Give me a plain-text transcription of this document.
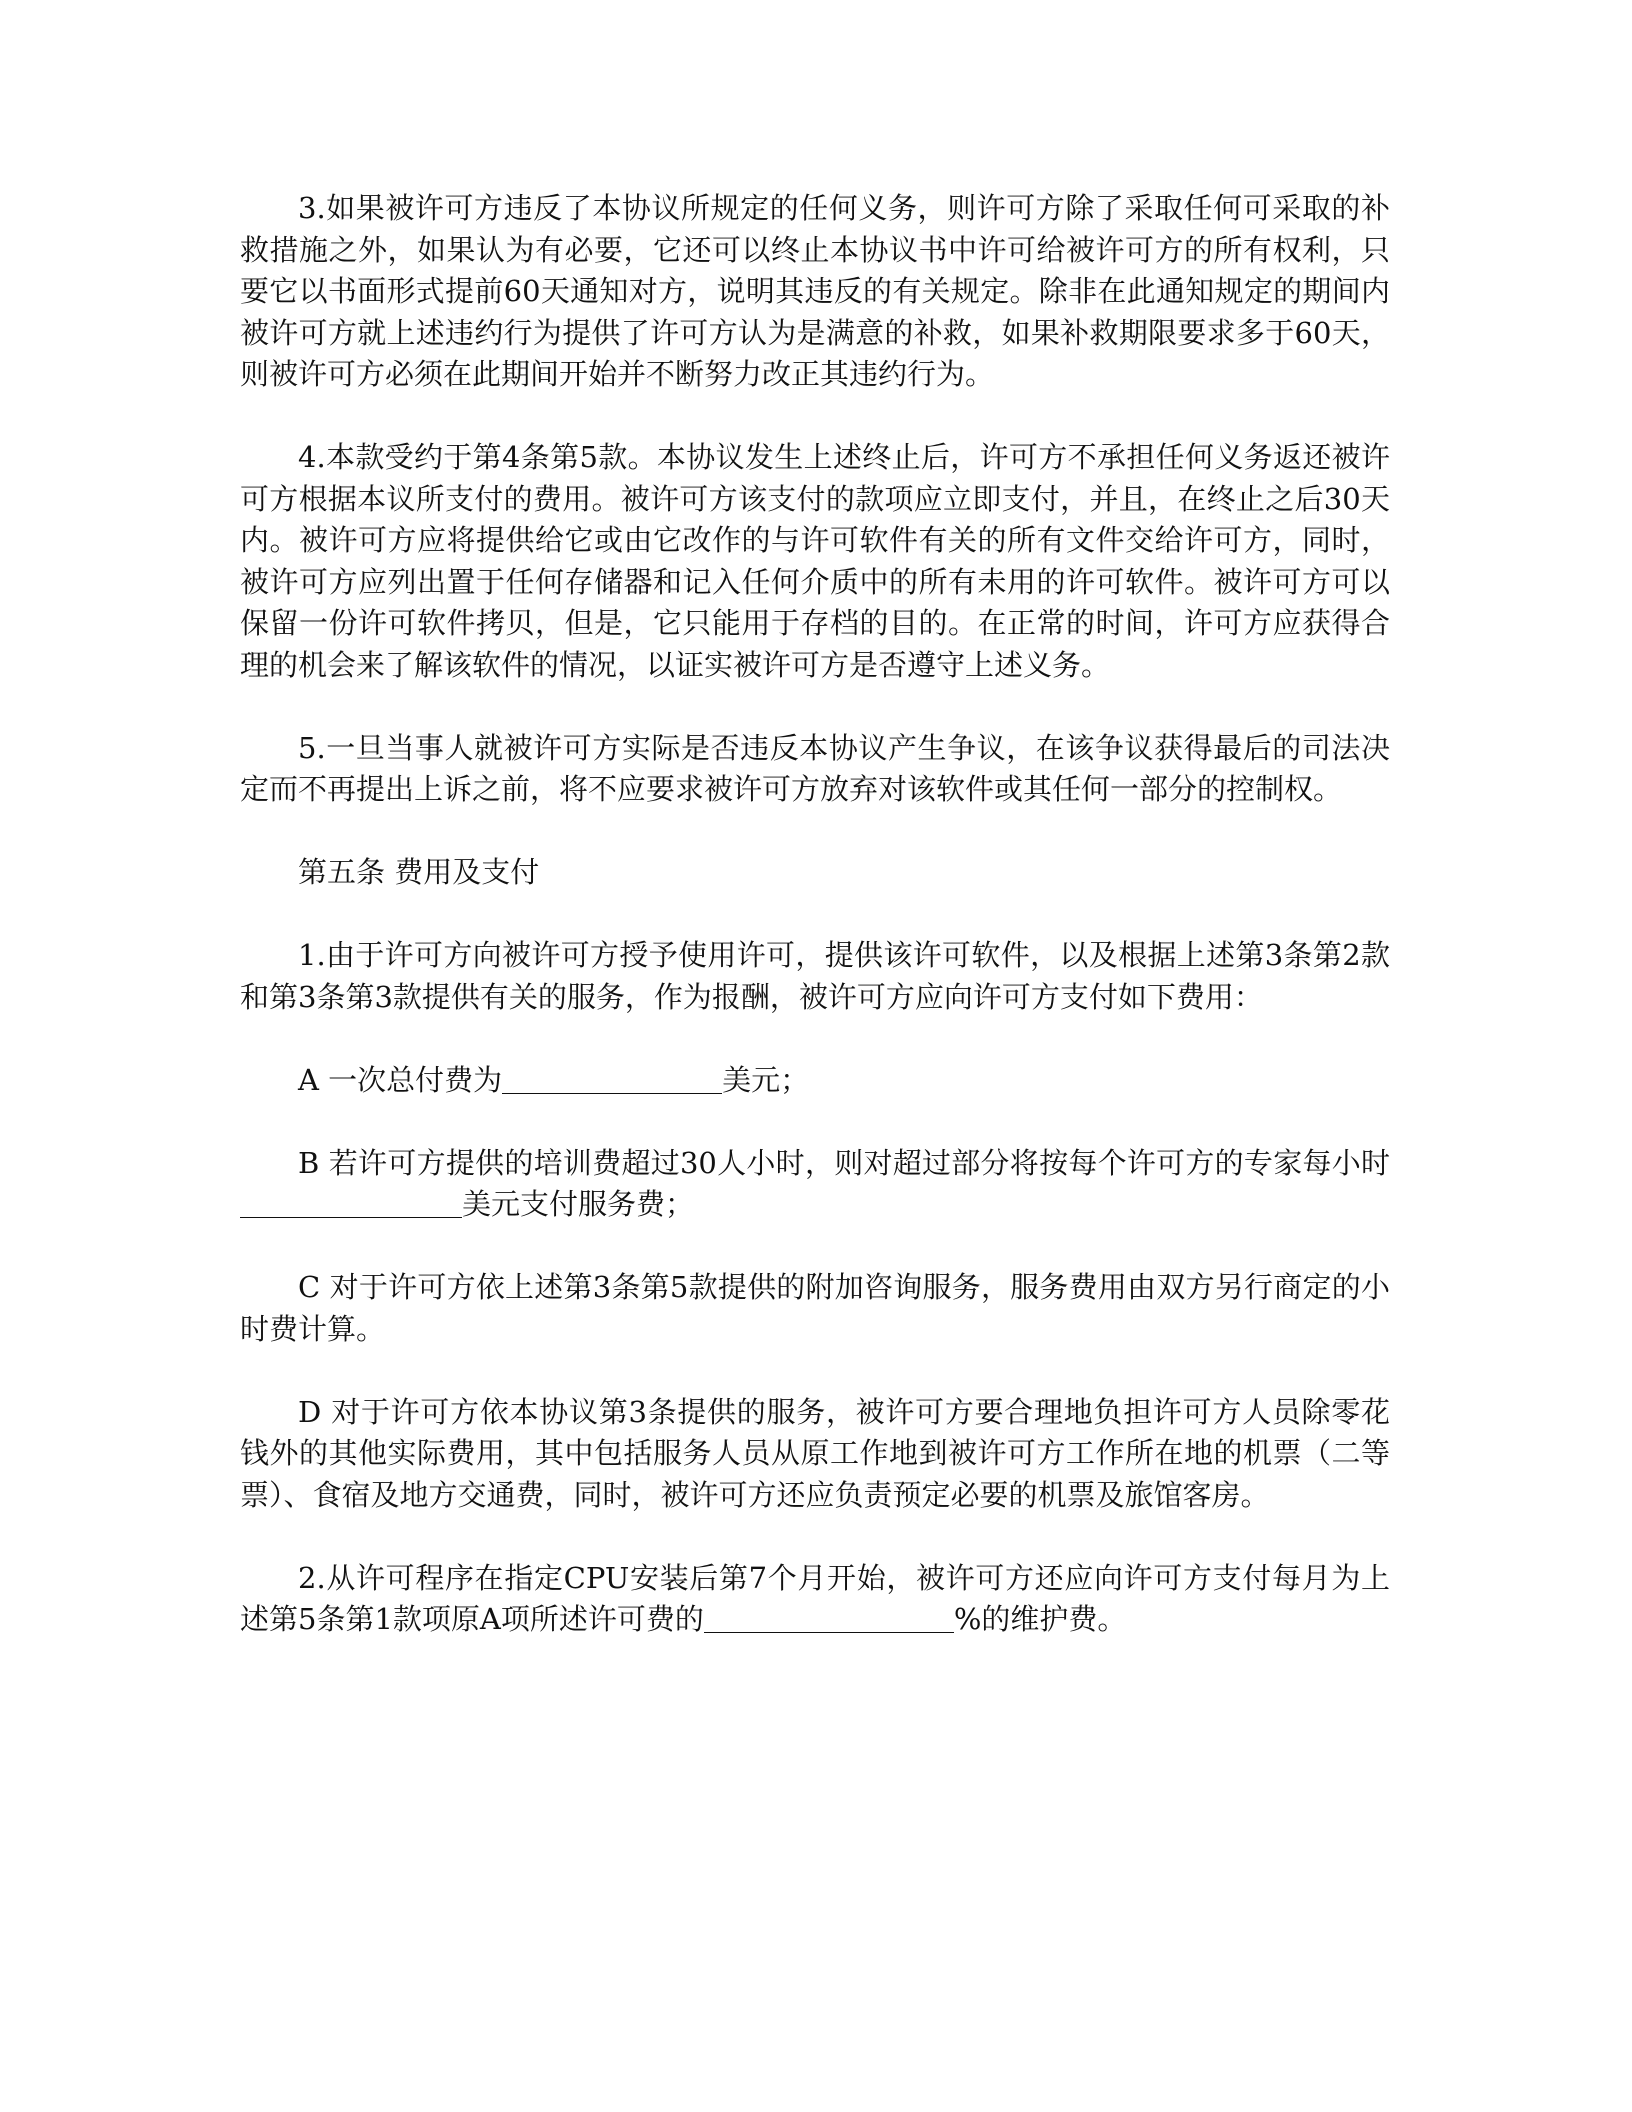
3.如果被许可方违反了本协议所规定的任何义务，则许可方除了采取任何可采取的补救措施之外，如果认为有必要，它还可以终止本协议书中许可给被许可方的所有权利，只要它以书面形式提前60天通知对方，说明其违反的有关规定。除非在此通知规定的期间内被许可方就上述违约行为提供了许可方认为是满意的补救，如果补救期限要求多于60天，则被许可方必须在此期间开始并不断努力改正其违约行为。

4.本款受约于第4条第5款。本协议发生上述终止后，许可方不承担任何义务返还被许可方根据本议所支付的费用。被许可方该支付的款项应立即支付，并且，在终止之后30天内。被许可方应将提供给它或由它改作的与许可软件有关的所有文件交给许可方，同时，被许可方应列出置于任何存储器和记入任何介质中的所有未用的许可软件。被许可方可以保留一份许可软件拷贝，但是，它只能用于存档的目的。在正常的时间，许可方应获得合理的机会来了解该软件的情况，以证实被许可方是否遵守上述义务。

5.一旦当事人就被许可方实际是否违反本协议产生争议，在该争议获得最后的司法决定而不再提出上诉之前，将不应要求被许可方放弃对该软件或其任何一部分的控制权。

第五条 费用及支付

1.由于许可方向被许可方授予使用许可，提供该许可软件，以及根据上述第3条第2款和第3条第3款提供有关的服务，作为报酬，被许可方应向许可方支付如下费用：

A 一次总付费为	美元；

B 若许可方提供的培训费超过30人小时，则对超过部分将按每个许可方的专家每小时美元支付服务费；

C 对于许可方依上述第3条第5款提供的附加咨询服务，服务费用由双方另行商定的小时费计算。

D 对于许可方依本协议第3条提供的服务，被许可方要合理地负担许可方人员除零花钱外的其他实际费用，其中包括服务人员从原工作地到被许可方工作所在地的机票（二等票）、食宿及地方交通费，同时，被许可方还应负责预定必要的机票及旅馆客房。

2.从许可程序在指定CPU安装后第7个月开始，被许可方还应向许可方支付每月为上述第5条第1款项原A项所述许可费的	%的维护费。
